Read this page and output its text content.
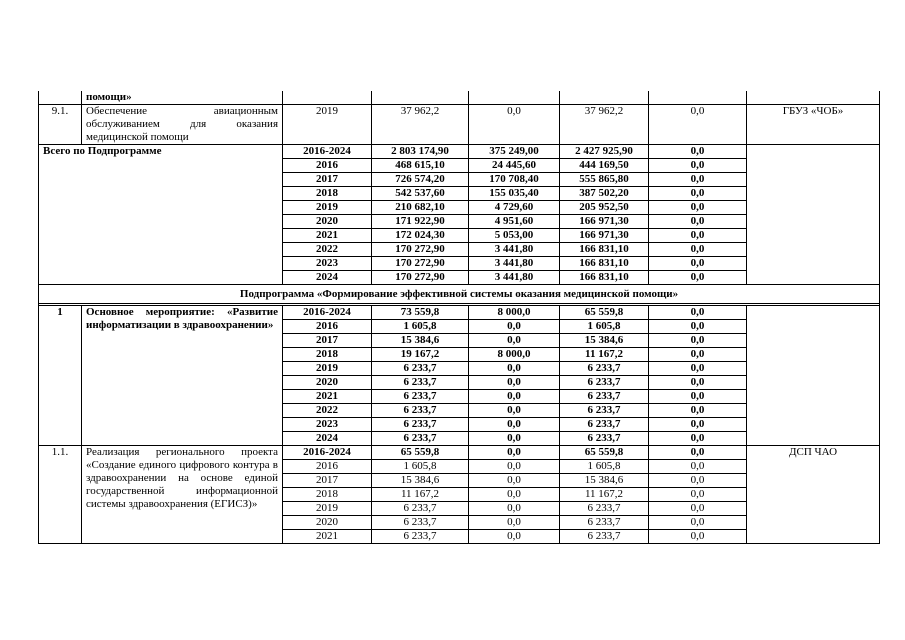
	помощи»						
9.1.	Обеспечение авиационным обслуживанием для оказания медицинской помощи	2019	37 962,2	0,0	37 962,2	0,0	ГБУЗ «ЧОБ»
Всего по Подпрограмме		2016-2024	2 803 174,90	375 249,00	2 427 925,90	0,0	
		2016	468 615,10	24 445,60	444 169,50	0,0	
		2017	726 574,20	170 708,40	555 865,80	0,0	
		2018	542 537,60	155 035,40	387 502,20	0,0	
		2019	210 682,10	4 729,60	205 952,50	0,0	
		2020	171 922,90	4 951,60	166 971,30	0,0	
		2021	172 024,30	5 053,00	166 971,30	0,0	
		2022	170 272,90	3 441,80	166 831,10	0,0	
		2023	170 272,90	3 441,80	166 831,10	0,0	
		2024	170 272,90	3 441,80	166 831,10	0,0	
Подпрограмма «Формирование эффективной системы оказания медицинской помощи»							

1	Основное мероприятие: «Развитие информатизации в здравоохранении»	2016-2024	73 559,8	8 000,0	65 559,8	0,0	
		2016	1 605,8	0,0	1 605,8	0,0	
		2017	15 384,6	0,0	15 384,6	0,0	
		2018	19 167,2	8 000,0	11 167,2	0,0	
		2019	6 233,7	0,0	6 233,7	0,0	
		2020	6 233,7	0,0	6 233,7	0,0	
		2021	6 233,7	0,0	6 233,7	0,0	
		2022	6 233,7	0,0	6 233,7	0,0	
		2023	6 233,7	0,0	6 233,7	0,0	
		2024	6 233,7	0,0	6 233,7	0,0	
1.1.	Реализация регионального проекта «Создание единого цифрового контура в здравоохранении на основе единой государственной информационной системы здравоохранения (ЕГИСЗ)»	2016-2024	65 559,8	0,0	65 559,8	0,0	ДСП ЧАО
		2016	1 605,8	0,0	1 605,8	0,0	
		2017	15 384,6	0,0	15 384,6	0,0	
		2018	11 167,2	0,0	11 167,2	0,0	
		2019	6 233,7	0,0	6 233,7	0,0	
		2020	6 233,7	0,0	6 233,7	0,0	
		2021	6 233,7	0,0	6 233,7	0,0	
